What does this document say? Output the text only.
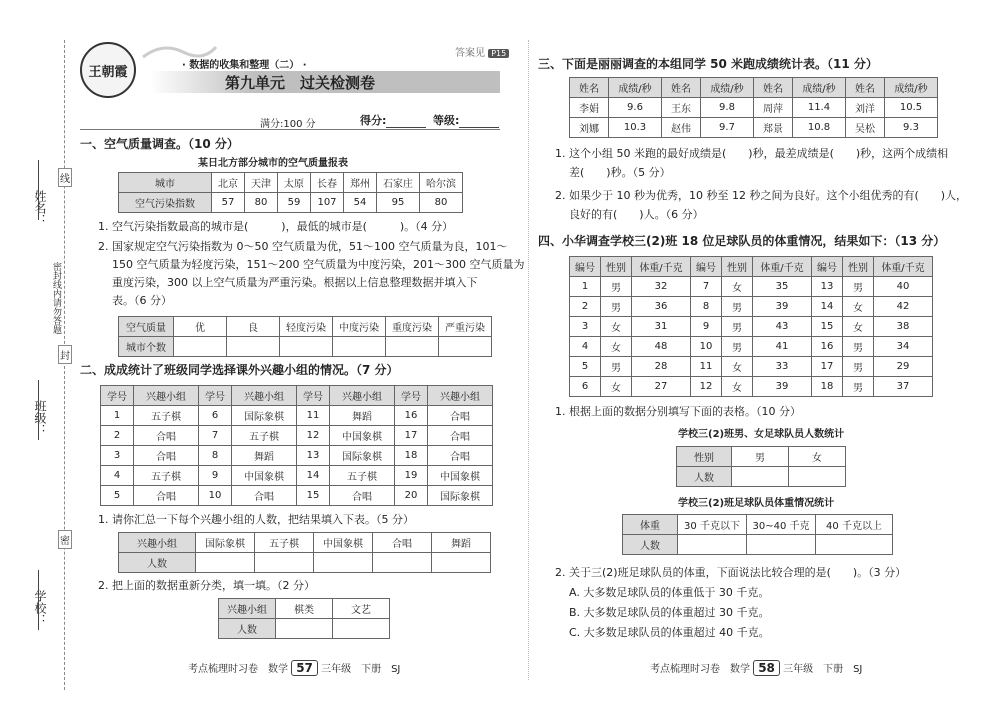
姓名：
密封线内请勿答题
班级：
学校：
线
封
密
王朝霞	· 数据的收集和整理（二） ·
答案见 P15
第九单元　过关检测卷
满分:100 分	得分:	等级:
一、空气质量调查。（10 分）
某日北方部分城市的空气质量报表
城市	北京	天津	太原	长春	郑州	石家庄	哈尔滨
空气污染指数	57	80	59	107	54	95	80
1. 空气污染指数最高的城市是(　　　)，最低的城市是(　　　)。（4 分）
2. 国家规定空气污染指数为 0～50 空气质量为优，51～100 空气质量为良，101～
150 空气质量为轻度污染，151～200 空气质量为中度污染，201～300 空气质量为
重度污染，300 以上空气质量为严重污染。根据以上信息整理数据并填入下
表。（6 分）
空气质量	优	良	轻度污染	中度污染	重度污染	严重污染
城市个数						
二、成成统计了班级同学选择课外兴趣小组的情况。（7 分）
学号	兴趣小组	学号	兴趣小组	学号	兴趣小组	学号	兴趣小组
1	五子棋	6	国际象棋	11	舞蹈	16	合唱
2	合唱	7	五子棋	12	中国象棋	17	合唱
3	合唱	8	舞蹈	13	国际象棋	18	合唱
4	五子棋	9	中国象棋	14	五子棋	19	中国象棋
5	合唱	10	合唱	15	合唱	20	国际象棋
1. 请你汇总一下每个兴趣小组的人数，把结果填入下表。（5 分）
兴趣小组	国际象棋	五子棋	中国象棋	合唱	舞蹈
人数					
2. 把上面的数据重新分类，填一填。（2 分）
兴趣小组	棋类	文艺
人数		
考点梳理时习卷　数学 57 三年级　下册　SJ
三、下面是丽丽调查的本组同学 50 米跑成绩统计表。（11 分）
姓名	成绩/秒	姓名	成绩/秒	姓名	成绩/秒	姓名	成绩/秒
李娟	9.6	王东	9.8	周萍	11.4	刘洋	10.5
刘娜	10.3	赵伟	9.7	郑景	10.8	吴松	9.3
1. 这个小组 50 米跑的最好成绩是(　　)秒，最差成绩是(　　)秒，这两个成绩相
差(　　)秒。（5 分）
2. 如果少于 10 秒为优秀，10 秒至 12 秒之间为良好。这个小组优秀的有(　　)人，
良好的有(　　)人。（6 分）
四、小华调查学校三(2)班 18 位足球队员的体重情况，结果如下：（13 分）
编号	性别	体重/千克	编号	性别	体重/千克	编号	性别	体重/千克
1	男	32	7	女	35	13	男	40
2	男	36	8	男	39	14	女	42
3	女	31	9	男	43	15	女	38
4	女	48	10	男	41	16	男	34
5	男	28	11	女	33	17	男	29
6	女	27	12	女	39	18	男	37
1. 根据上面的数据分别填写下面的表格。（10 分）
学校三(2)班男、女足球队员人数统计
性别	男	女
人数		
学校三(2)班足球队员体重情况统计
体重	30 千克以下	30~40 千克	40 千克以上
人数			
2. 关于三(2)班足球队员的体重，下面说法比较合理的是(　　)。（3 分）
A. 大多数足球队员的体重低于 30 千克。
B. 大多数足球队员的体重超过 30 千克。
C. 大多数足球队员的体重超过 40 千克。
考点梳理时习卷　数学 58 三年级　下册　SJ
